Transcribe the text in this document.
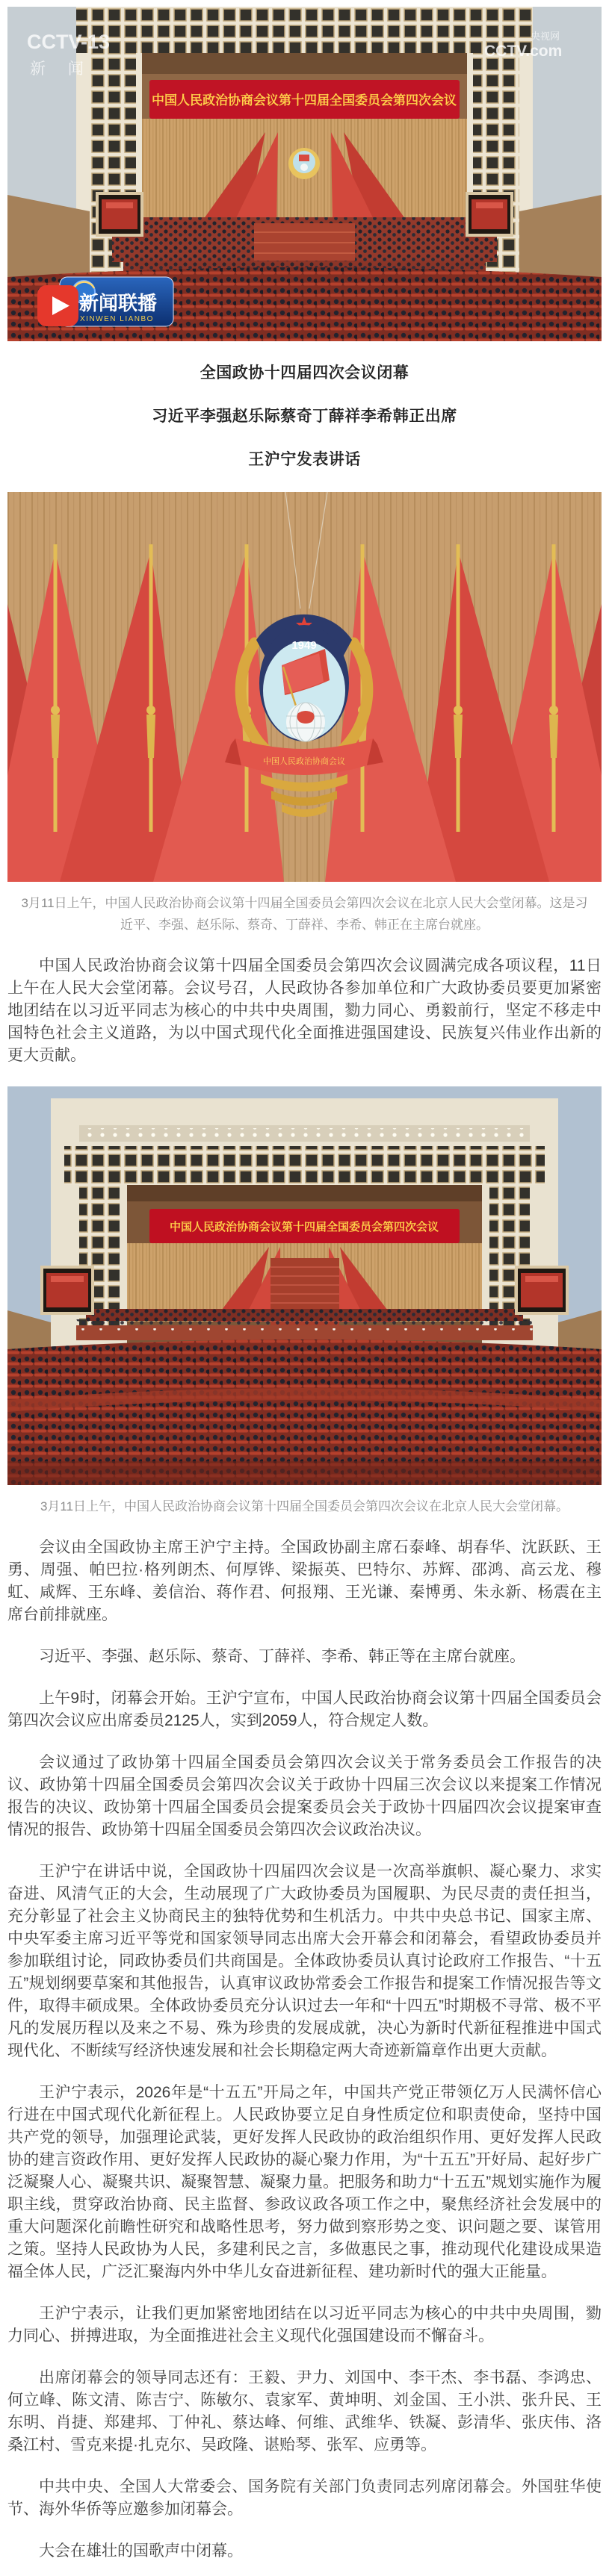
中国人民政治协商会议第十四届全国委员会第四次会议
CCTV-13
新 闻
央视网
CCTV.com
新闻联播
XINWEN LIANBO
全国政协十四届四次会议闭幕
习近平李强赵乐际蔡奇丁薛祥李希韩正出席
王沪宁发表讲话
1949
中国人民政治协商会议

3月11日上午，中国人民政治协商会议第十四届全国委员会第四次会议在北京人民大会堂闭幕。这是习近平、李强、赵乐际、蔡奇、丁薛祥、李希、韩正在主席台就座。

中国人民政治协商会议第十四届全国委员会第四次会议圆满完成各项议程，11日上午在人民大会堂闭幕。会议号召，人民政协各参加单位和广大政协委员要更加紧密地团结在以习近平同志为核心的中共中央周围，勠力同心、勇毅前行，坚定不移走中国特色社会主义道路，为以中国式现代化全面推进强国建设、民族复兴伟业作出新的更大贡献。

中国人民政治协商会议第十四届全国委员会第四次会议

3月11日上午，中国人民政治协商会议第十四届全国委员会第四次会议在北京人民大会堂闭幕。

会议由全国政协主席王沪宁主持。全国政协副主席石泰峰、胡春华、沈跃跃、王勇、周强、帕巴拉·格列朗杰、何厚铧、梁振英、巴特尔、苏辉、邵鸿、高云龙、穆虹、咸辉、王东峰、姜信治、蒋作君、何报翔、王光谦、秦博勇、朱永新、杨震在主席台前排就座。

习近平、李强、赵乐际、蔡奇、丁薛祥、李希、韩正等在主席台就座。

上午9时，闭幕会开始。王沪宁宣布，中国人民政治协商会议第十四届全国委员会第四次会议应出席委员2125人，实到2059人，符合规定人数。

会议通过了政协第十四届全国委员会第四次会议关于常务委员会工作报告的决议、政协第十四届全国委员会第四次会议关于政协十四届三次会议以来提案工作情况报告的决议、政协第十四届全国委员会提案委员会关于政协十四届四次会议提案审查情况的报告、政协第十四届全国委员会第四次会议政治决议。

王沪宁在讲话中说，全国政协十四届四次会议是一次高举旗帜、凝心聚力、求实奋进、风清气正的大会，生动展现了广大政协委员为国履职、为民尽责的责任担当，充分彰显了社会主义协商民主的独特优势和生机活力。中共中央总书记、国家主席、中央军委主席习近平等党和国家领导同志出席大会开幕会和闭幕会，看望政协委员并参加联组讨论，同政协委员们共商国是。全体政协委员认真讨论政府工作报告、“十五五”规划纲要草案和其他报告，认真审议政协常委会工作报告和提案工作情况报告等文件，取得丰硕成果。全体政协委员充分认识过去一年和“十四五”时期极不寻常、极不平凡的发展历程以及来之不易、殊为珍贵的发展成就，决心为新时代新征程推进中国式现代化、不断续写经济快速发展和社会长期稳定两大奇迹新篇章作出更大贡献。

王沪宁表示，2026年是“十五五”开局之年，中国共产党正带领亿万人民满怀信心行进在中国式现代化新征程上。人民政协要立足自身性质定位和职责使命，坚持中国共产党的领导，加强理论武装，更好发挥人民政协的政治组织作用、更好发挥人民政协的建言资政作用、更好发挥人民政协的凝心聚力作用，为“十五五”开好局、起好步广泛凝聚人心、凝聚共识、凝聚智慧、凝聚力量。把服务和助力“十五五”规划实施作为履职主线，贯穿政治协商、民主监督、参政议政各项工作之中，聚焦经济社会发展中的重大问题深化前瞻性研究和战略性思考，努力做到察形势之变、识问题之要、谋管用之策。坚持人民政协为人民，多建利民之言，多做惠民之事，推动现代化建设成果造福全体人民，广泛汇聚海内外中华儿女奋进新征程、建功新时代的强大正能量。

王沪宁表示，让我们更加紧密地团结在以习近平同志为核心的中共中央周围，勠力同心、拼搏进取，为全面推进社会主义现代化强国建设而不懈奋斗。

出席闭幕会的领导同志还有：王毅、尹力、刘国中、李干杰、李书磊、李鸿忠、何立峰、陈文清、陈吉宁、陈敏尔、袁家军、黄坤明、刘金国、王小洪、张升民、王东明、肖捷、郑建邦、丁仲礼、蔡达峰、何维、武维华、铁凝、彭清华、张庆伟、洛桑江村、雪克来提·扎克尔、吴政隆、谌贻琴、张军、应勇等。

中共中央、全国人大常委会、国务院有关部门负责同志列席闭幕会。外国驻华使节、海外华侨等应邀参加闭幕会。

大会在雄壮的国歌声中闭幕。
